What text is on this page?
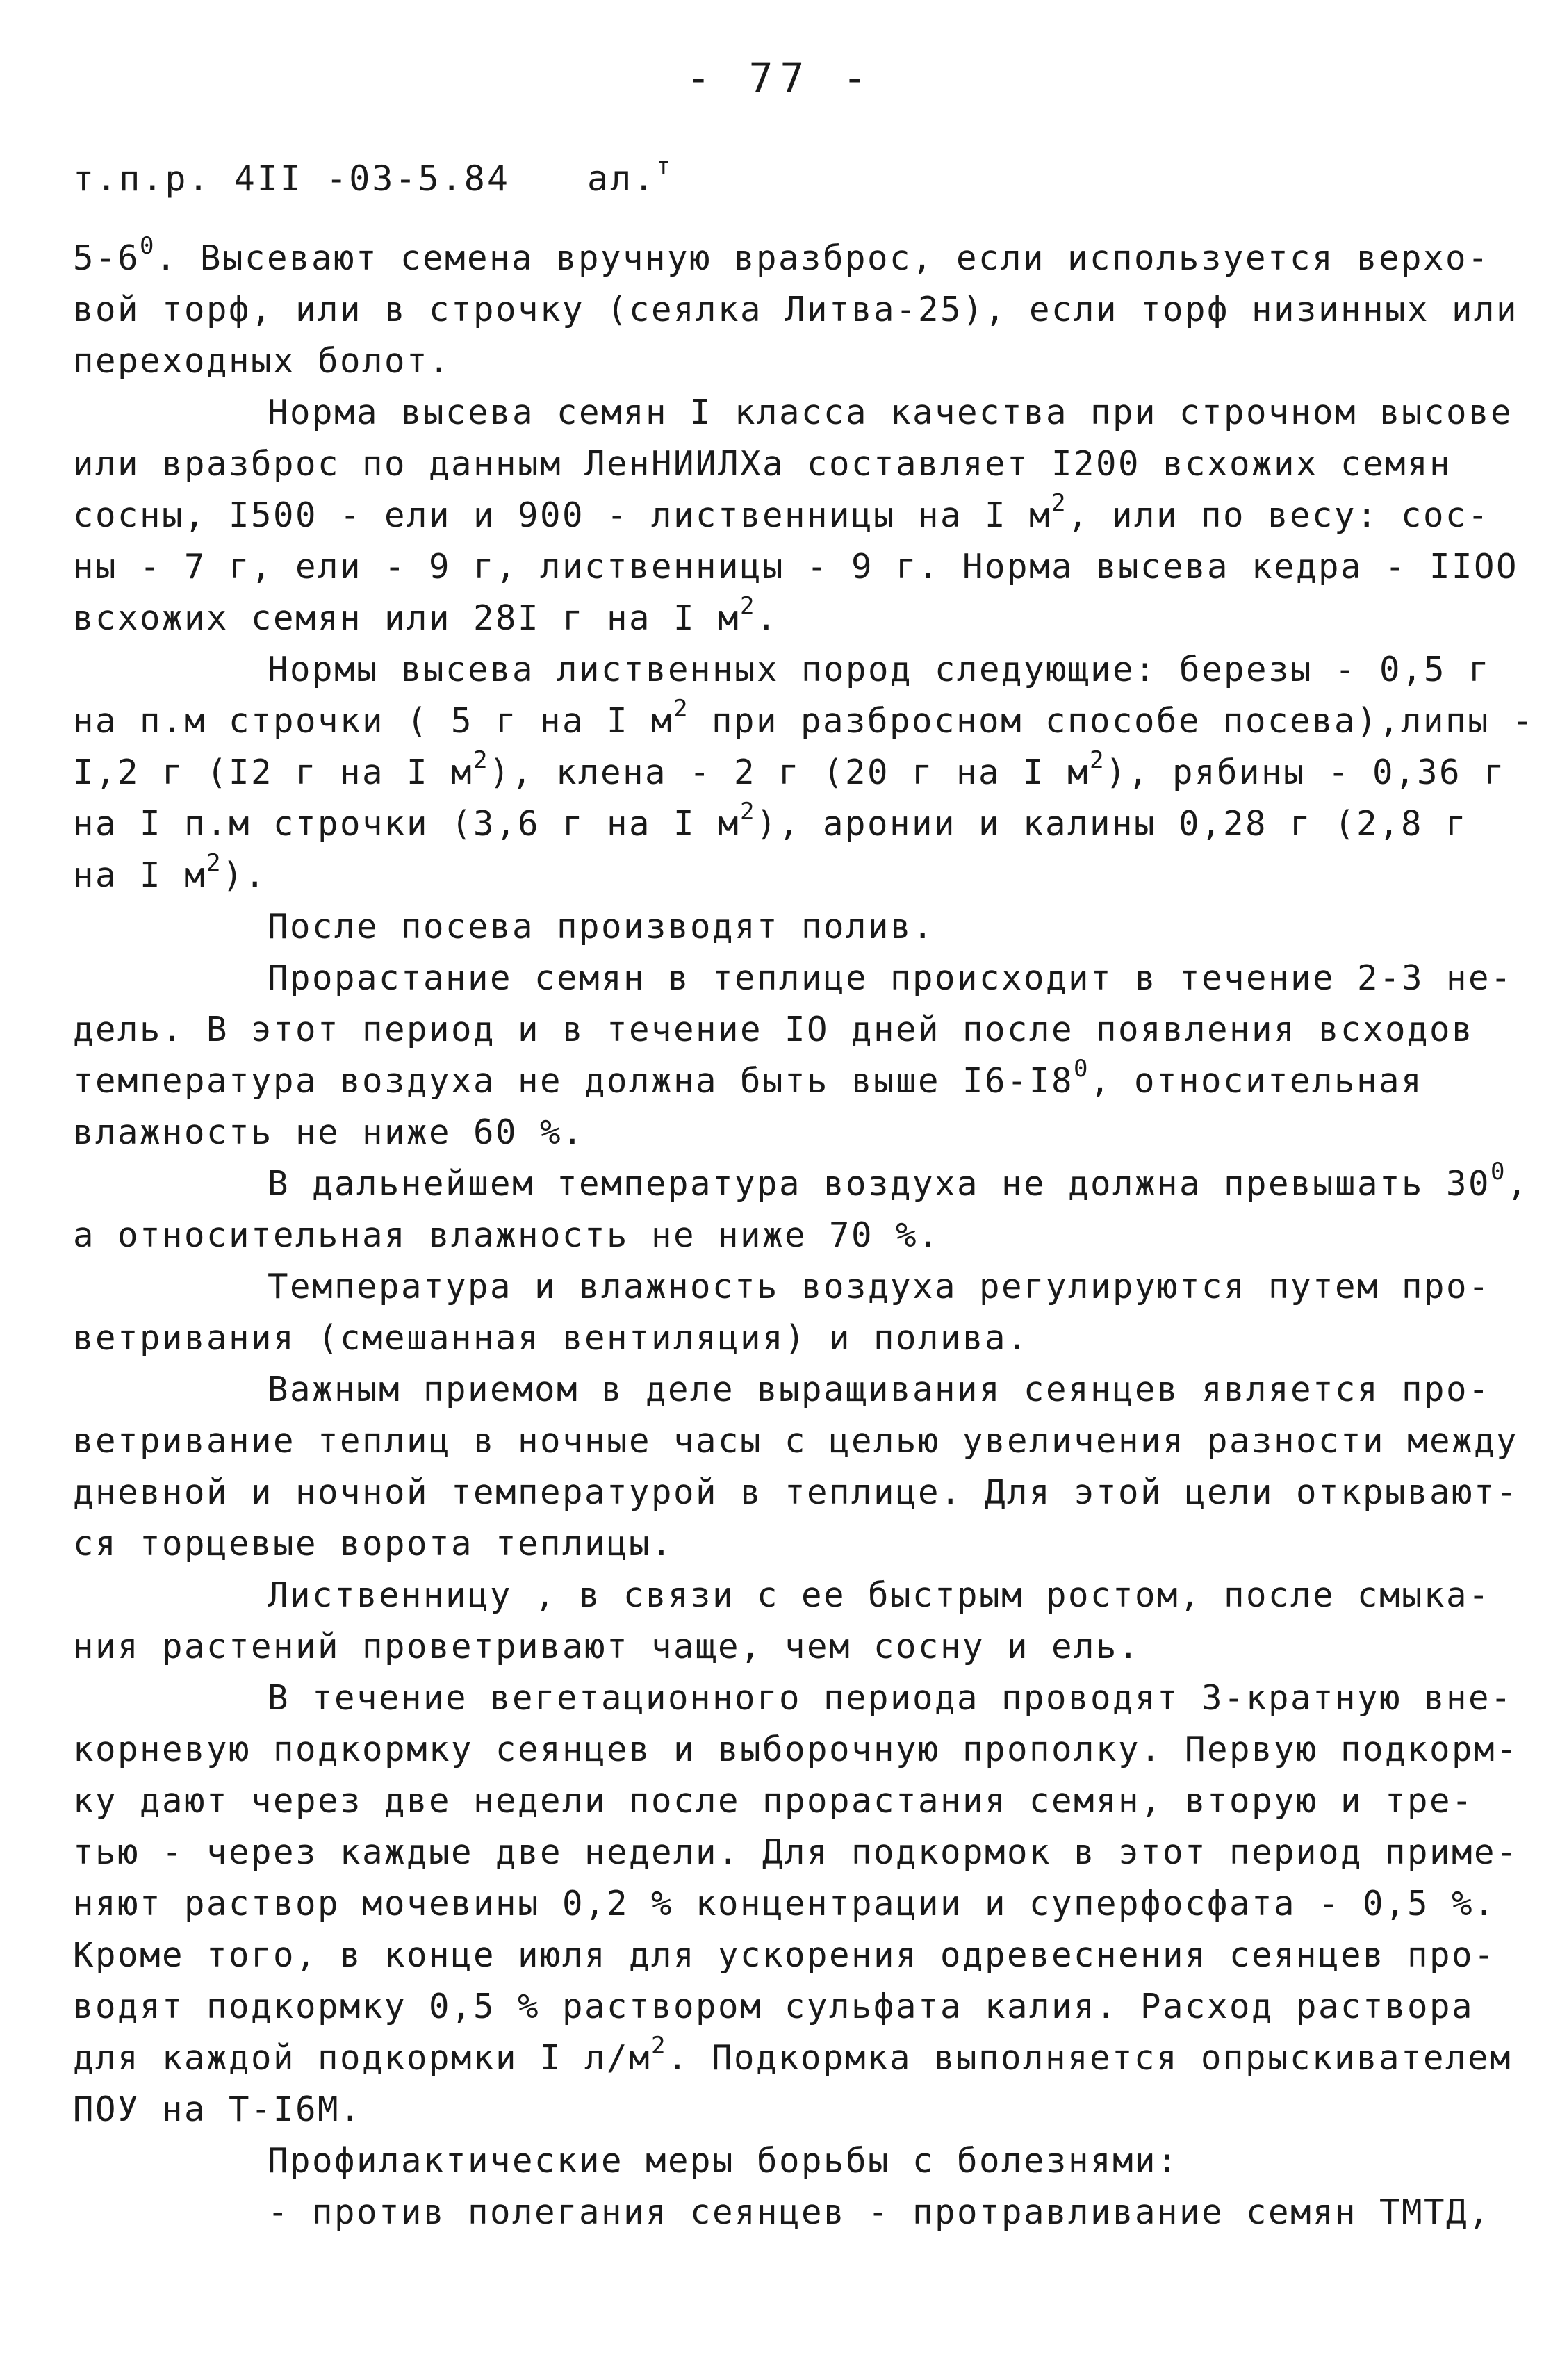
- 77 -
т.п.р. 4II -03-5.84 ал.$^т$
$5-6^0$. Высевают семена вручную вразброс, если используется верхо-
вой торф, или в строчку (сеялка Литва-25), если торф низинных или
переходных болот.
Норма высева семян I класса качества при строчном высове
или вразброс по данным ЛенНИИЛХа составляет I200 всхожих семян
сосны, I500 - ели и 900 - лиственницы на I $м^2$, или по весу: сос-
ны - 7 г, ели - 9 г, лиственницы - 9 г. Норма высева кедра - IIОО
всхожих семян или 28I г на I $м^2$.
Нормы высева лиственных пород следующие: березы - 0,5 г
на п.м строчки ( 5 г на I $м^2$ при разбросном способе посева),липы -
I,2 г (I2 г на I $м^2$), клена - 2 г (20 г на I $м^2$), рябины - 0,36 г
на I п.м строчки (3,6 г на I $м^2$), аронии и калины 0,28 г (2,8 г
на I $м^2$).
После посева производят полив.
Прорастание семян в теплице происходит в течение 2-3 не-
дель. В этот период и в течение IO дней после появления всходов
температура воздуха не должна быть выше $I6-I8^0$, относительная
влажность не ниже 60 %.
В дальнейшем температура воздуха не должна превышать $30^0$,
а относительная влажность не ниже 70 %.
Температура и влажность воздуха регулируются путем про-
ветривания (смешанная вентиляция) и полива.
Важным приемом в деле выращивания сеянцев является про-
ветривание теплиц в ночные часы с целью увеличения разности между
дневной и ночной температурой в теплице. Для этой цели открывают-
ся торцевые ворота теплицы.
Лиственницу , в связи с ее быстрым ростом, после смыка-
ния растений проветривают чаще, чем сосну и ель.
В течение вегетационного периода проводят 3-кратную вне-
корневую подкормку сеянцев и выборочную прополку. Первую подкорм-
ку дают через две недели после прорастания семян, вторую и тре-
тью - через каждые две недели. Для подкормок в этот период приме-
няют раствор мочевины 0,2 % концентрации и суперфосфата - 0,5 %.
Кроме того, в конце июля для ускорения одревеснения сеянцев про-
водят подкормку 0,5 % раствором сульфата калия. Расход раствора
для каждой подкормки I $л/м^2$. Подкормка выполняется опрыскивателем
ПОУ на Т-I6М.
Профилактические меры борьбы с болезнями:
- против полегания сеянцев - протравливание семян ТМТД,
